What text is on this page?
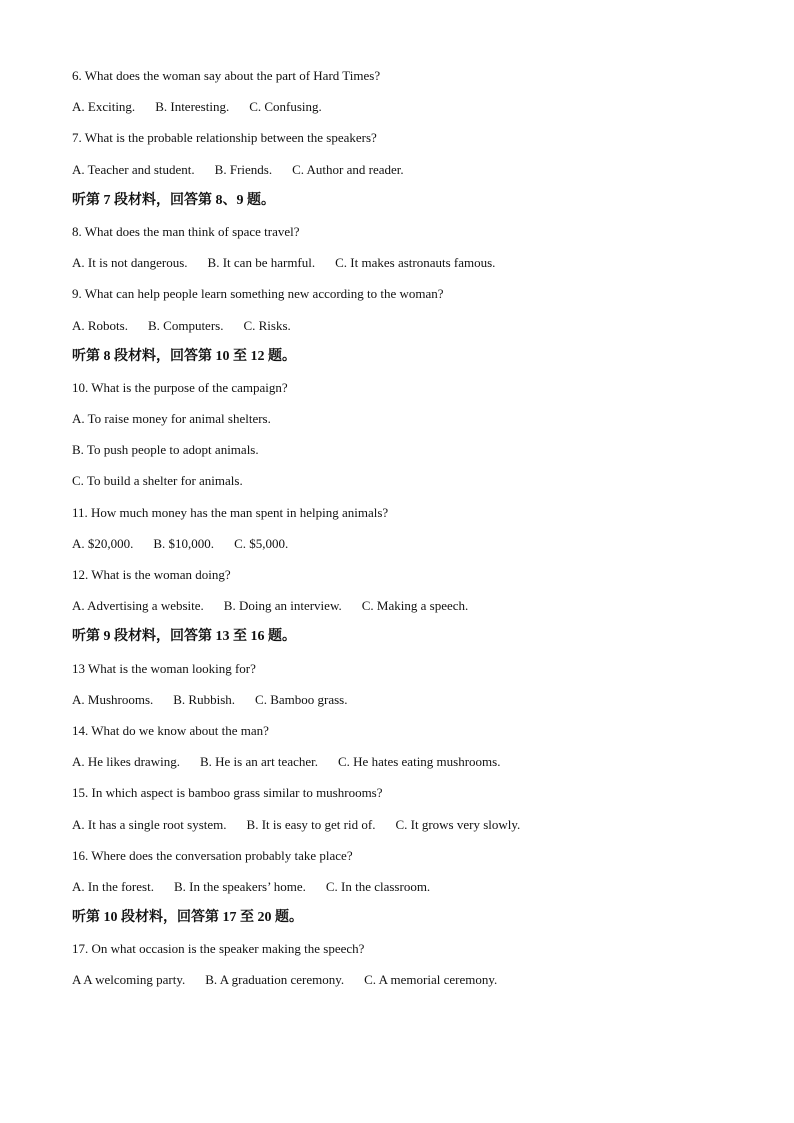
6. What does the woman say about the part of Hard Times?
A. Exciting. B. Interesting. C. Confusing.
7. What is the probable relationship between the speakers?
A. Teacher and student. B. Friends. C. Author and reader.
听第 7 段材料，回答第 8、9 题。
8. What does the man think of space travel?
A. It is not dangerous. B. It can be harmful. C. It makes astronauts famous.
9. What can help people learn something new according to the woman?
A. Robots. B. Computers. C. Risks.
听第 8 段材料，回答第 10 至 12 题。
10. What is the purpose of the campaign?
A. To raise money for animal shelters.
B. To push people to adopt animals.
C. To build a shelter for animals.
11. How much money has the man spent in helping animals?
A. $20,000. B. $10,000. C. $5,000.
12. What is the woman doing?
A. Advertising a website. B. Doing an interview. C. Making a speech.
听第 9 段材料，回答第 13 至 16 题。
13 What is the woman looking for?
A. Mushrooms. B. Rubbish. C. Bamboo grass.
14. What do we know about the man?
A. He likes drawing. B. He is an art teacher. C. He hates eating mushrooms.
15. In which aspect is bamboo grass similar to mushrooms?
A. It has a single root system. B. It is easy to get rid of. C. It grows very slowly.
16. Where does the conversation probably take place?
A. In the forest. B. In the speakers’ home. C. In the classroom.
听第 10 段材料，回答第 17 至 20 题。
17. On what occasion is the speaker making the speech?
A A welcoming party. B. A graduation ceremony. C. A memorial ceremony.
